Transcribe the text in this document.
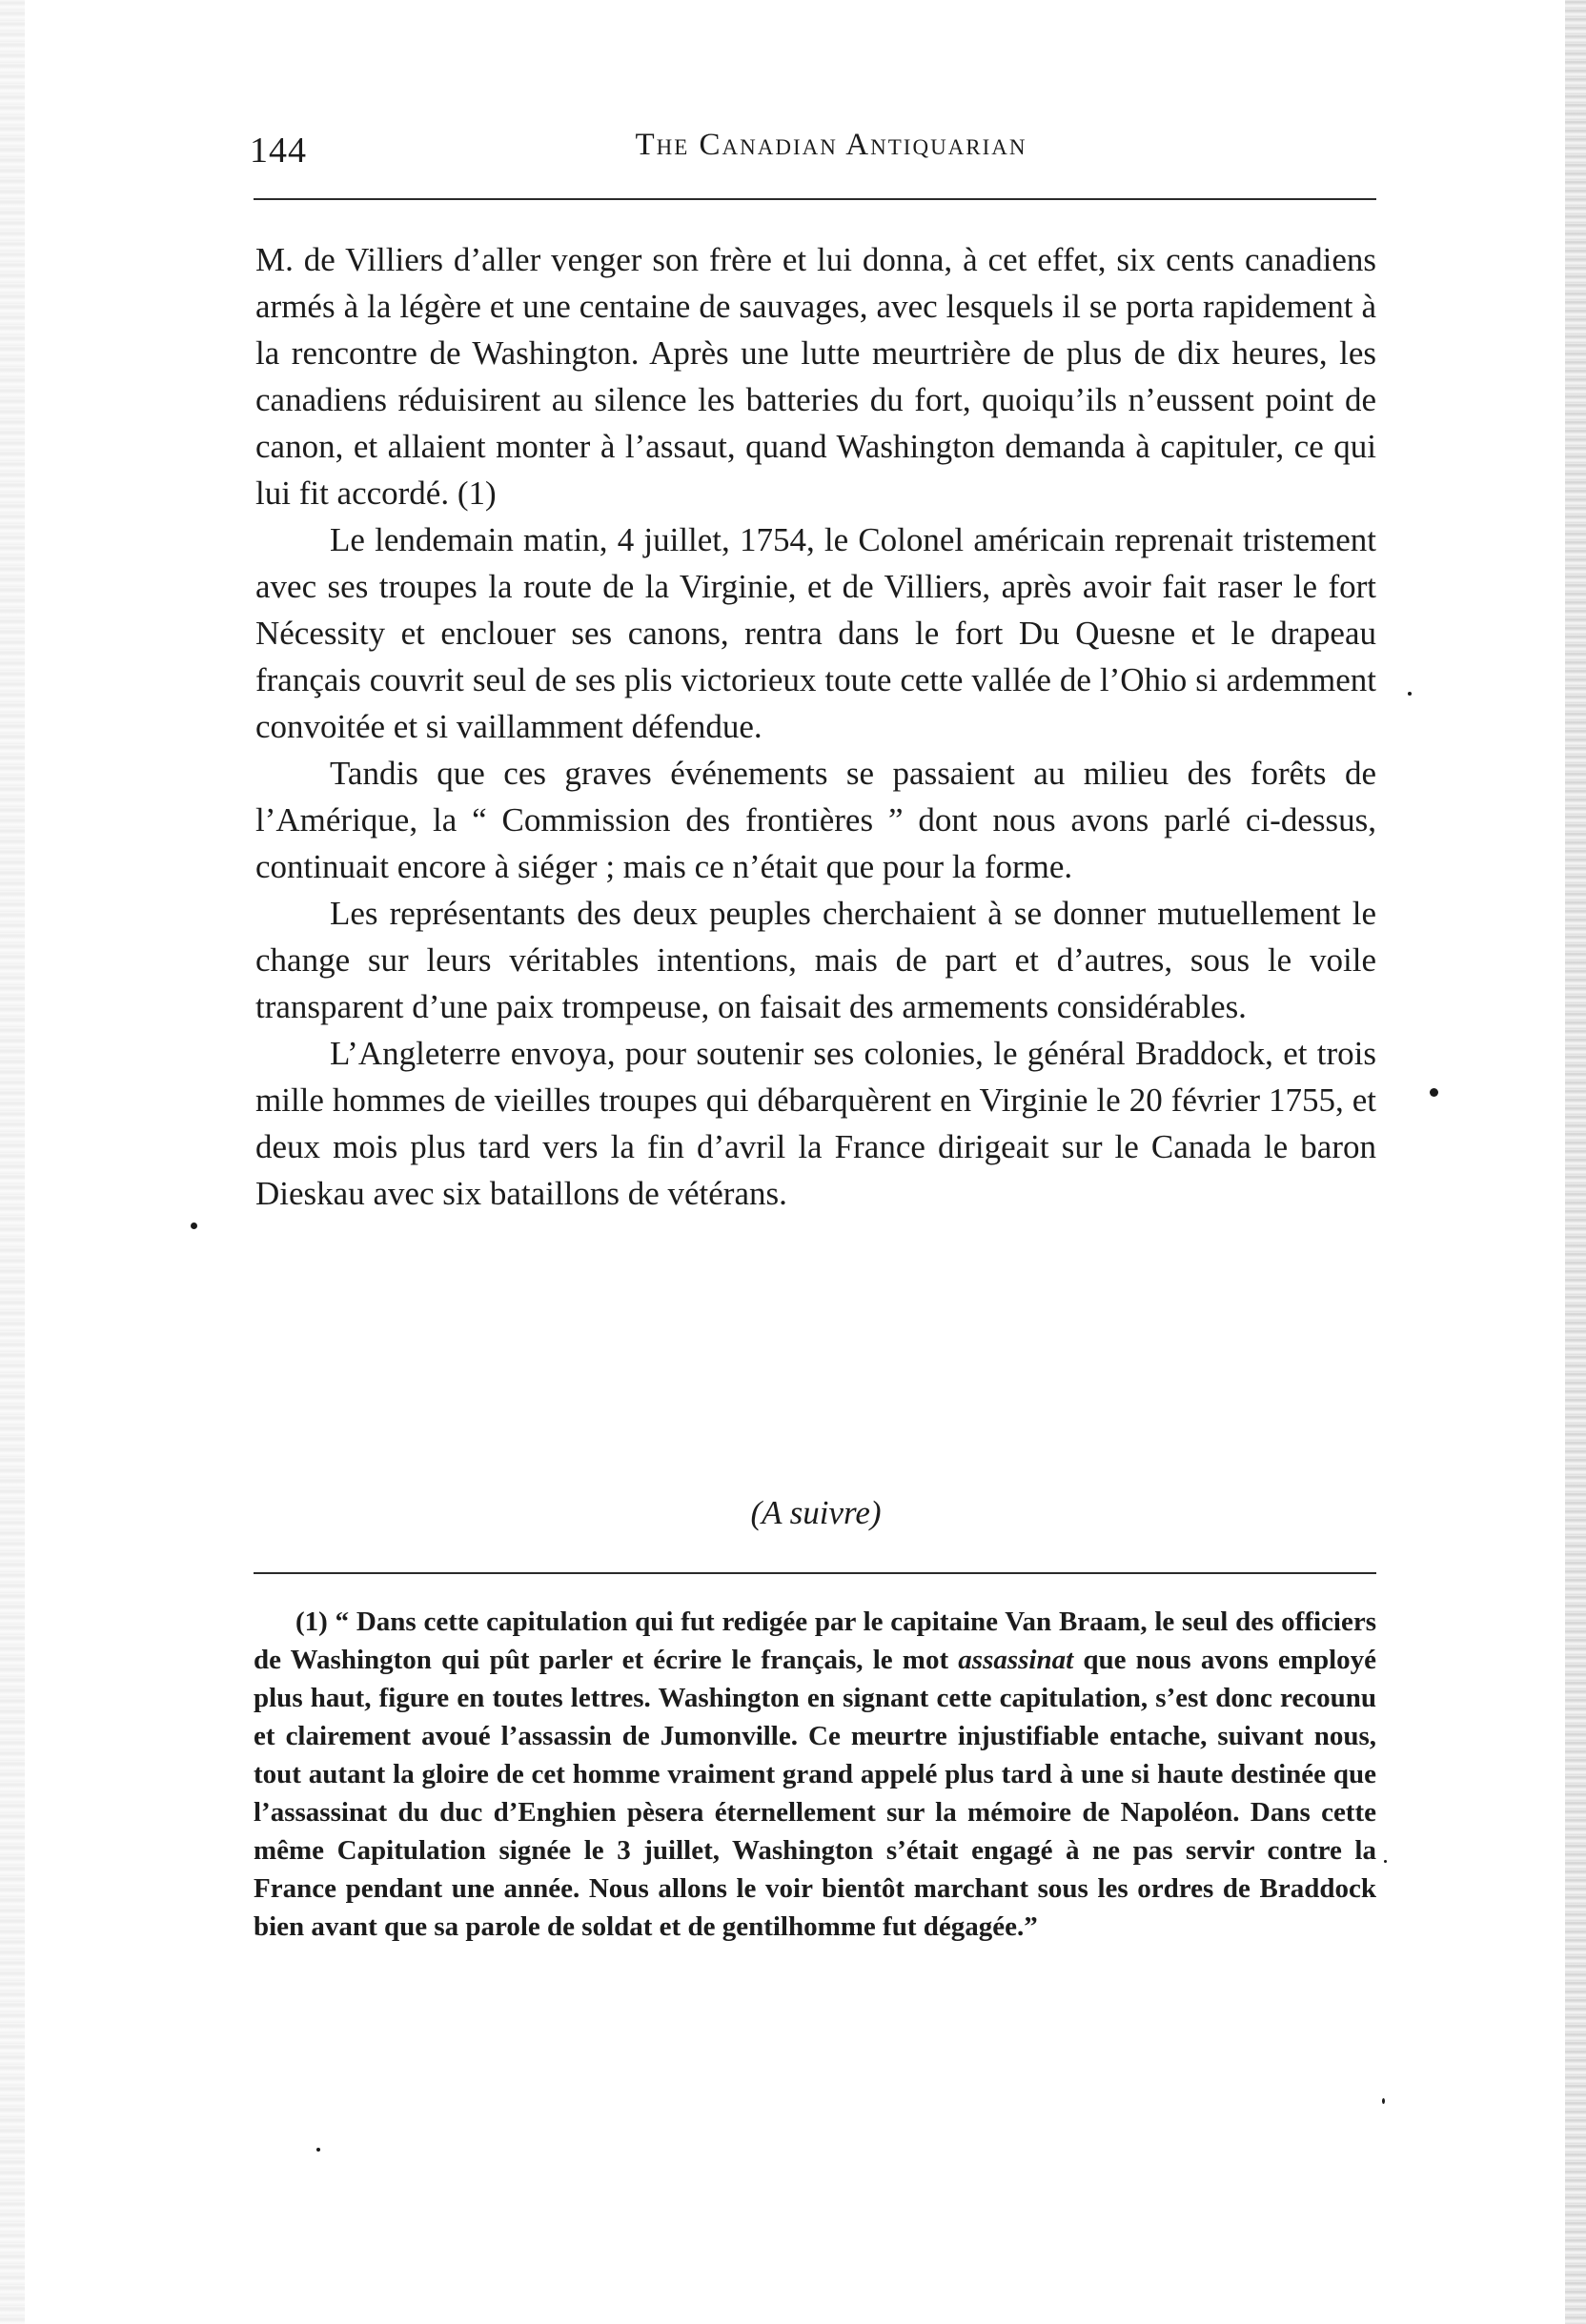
144	The Canadian Antiquarian

M. de Villiers d’aller venger son frère et lui donna, à cet effet, six cents canadiens armés à la légère et une centaine de sauvages, avec lesquels il se porta rapidement à la rencontre de Washington. Après une lutte meurtrière de plus de dix heures, les canadiens réduisirent au silence les batteries du fort, quoiqu’ils n’eussent point de canon, et allaient monter à l’assaut, quand Washington demanda à capituler, ce qui lui fit accordé. (1)

Le lendemain matin, 4 juillet, 1754, le Colonel américain reprenait tristement avec ses troupes la route de la Virginie, et de Villiers, après avoir fait raser le fort Nécessity et enclouer ses canons, rentra dans le fort Du Quesne et le drapeau français couvrit seul de ses plis victorieux toute cette vallée de l’Ohio si ardemment convoitée et si vaillamment défendue.

Tandis que ces graves événements se passaient au milieu des forêts de l’Amérique, la “ Commission des frontières ” dont nous avons parlé ci-dessus, continuait encore à siéger ; mais ce n’était que pour la forme.

Les représentants des deux peuples cherchaient à se donner mutuellement le change sur leurs véritables intentions, mais de part et d’autres, sous le voile transparent d’une paix trompeuse, on faisait des armements considérables.

L’Angleterre envoya, pour soutenir ses colonies, le général Braddock, et trois mille hommes de vieilles troupes qui débarquèrent en Virginie le 20 février 1755, et deux mois plus tard vers la fin d’avril la France dirigeait sur le Canada le baron Dieskau avec six bataillons de vétérans.

(A suivre)

(1) “ Dans cette capitulation qui fut redigée par le capitaine Van Braam, le seul des officiers de Washington qui pût parler et écrire le français, le mot assassinat que nous avons employé plus haut, figure en toutes lettres. Washington en signant cette capitulation, s’est donc recounu et clairement avoué l’assassin de Jumonville. Ce meurtre injustifiable entache, suivant nous, tout autant la gloire de cet homme vraiment grand appelé plus tard à une si haute destinée que l’assassinat du duc d’Enghien pèsera éternellement sur la mémoire de Napoléon. Dans cette même Capitulation signée le 3 juillet, Washington s’était engagé à ne pas servir contre la France pendant une année. Nous allons le voir bientôt marchant sous les ordres de Braddock bien avant que sa parole de soldat et de gentilhomme fut dégagée.”
